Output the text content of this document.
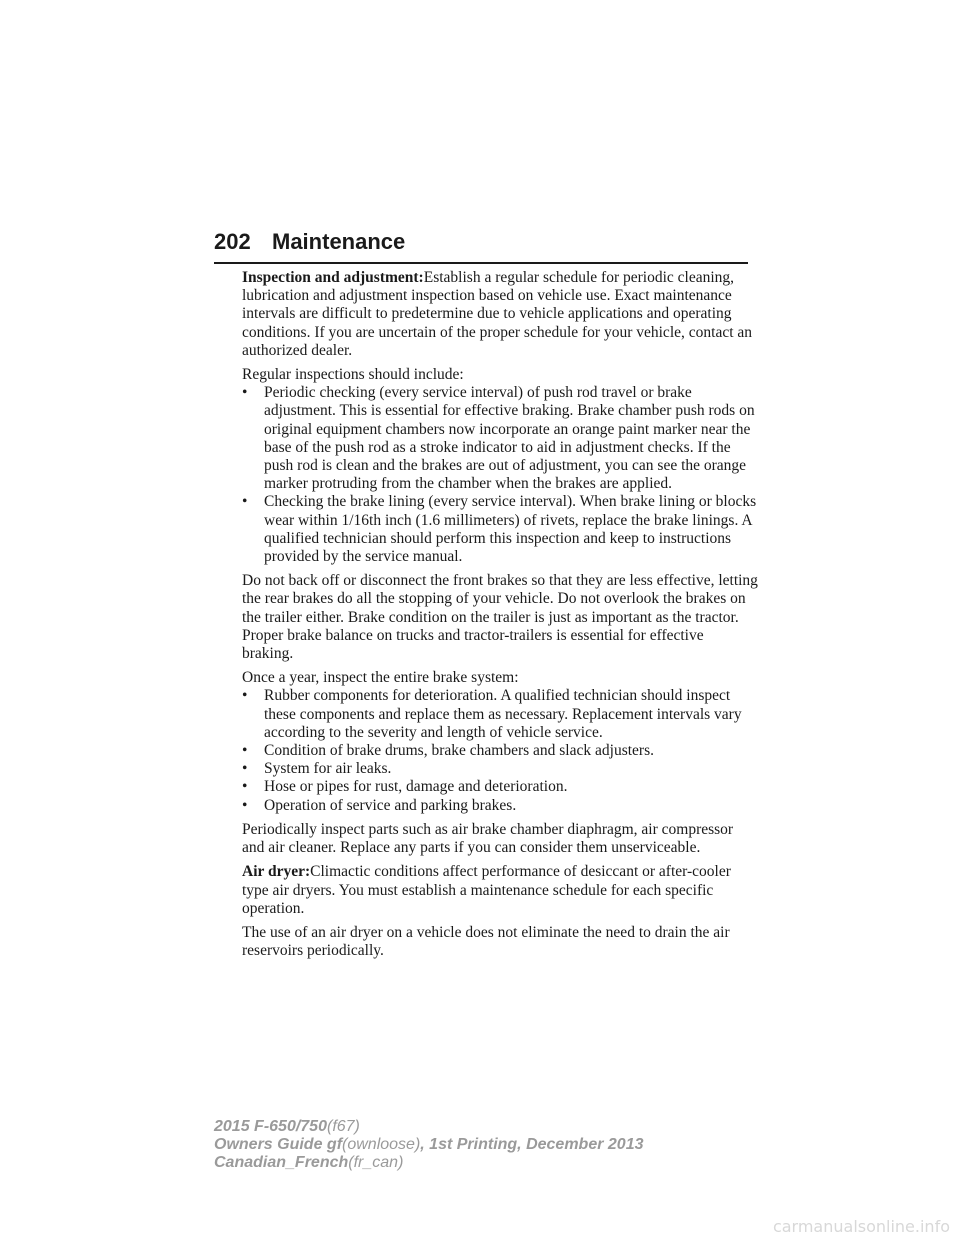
202 Maintenance

Inspection and adjustment:Establish a regular schedule for periodic cleaning, lubrication and adjustment inspection based on vehicle use. Exact maintenance intervals are difficult to predetermine due to vehicle applications and operating conditions. If you are uncertain of the proper schedule for your vehicle, contact an authorized dealer.

Regular inspections should include:

• Periodic checking (every service interval) of push rod travel or brake adjustment. This is essential for effective braking. Brake chamber push rods on original equipment chambers now incorporate an orange paint marker near the base of the push rod as a stroke indicator to aid in adjustment checks. If the push rod is clean and the brakes are out of adjustment, you can see the orange marker protruding from the chamber when the brakes are applied.
• Checking the brake lining (every service interval). When brake lining or blocks wear within 1/16th inch (1.6 millimeters) of rivets, replace the brake linings. A qualified technician should perform this inspection and keep to instructions provided by the service manual.

Do not back off or disconnect the front brakes so that they are less effective, letting the rear brakes do all the stopping of your vehicle. Do not overlook the brakes on the trailer either. Brake condition on the trailer is just as important as the tractor. Proper brake balance on trucks and tractor-trailers is essential for effective braking.

Once a year, inspect the entire brake system:

• Rubber components for deterioration. A qualified technician should inspect these components and replace them as necessary. Replacement intervals vary according to the severity and length of vehicle service.
• Condition of brake drums, brake chambers and slack adjusters.
• System for air leaks.
• Hose or pipes for rust, damage and deterioration.
• Operation of service and parking brakes.

Periodically inspect parts such as air brake chamber diaphragm, air compressor and air cleaner. Replace any parts if you can consider them unserviceable.

Air dryer:Climactic conditions affect performance of desiccant or after-cooler type air dryers. You must establish a maintenance schedule for each specific operation.

The use of an air dryer on a vehicle does not eliminate the need to drain the air reservoirs periodically.

2015 F-650/750(f67)
Owners Guide gf(ownloose), 1st Printing, December 2013
Canadian_French(fr_can)
carmanualsonline.info
